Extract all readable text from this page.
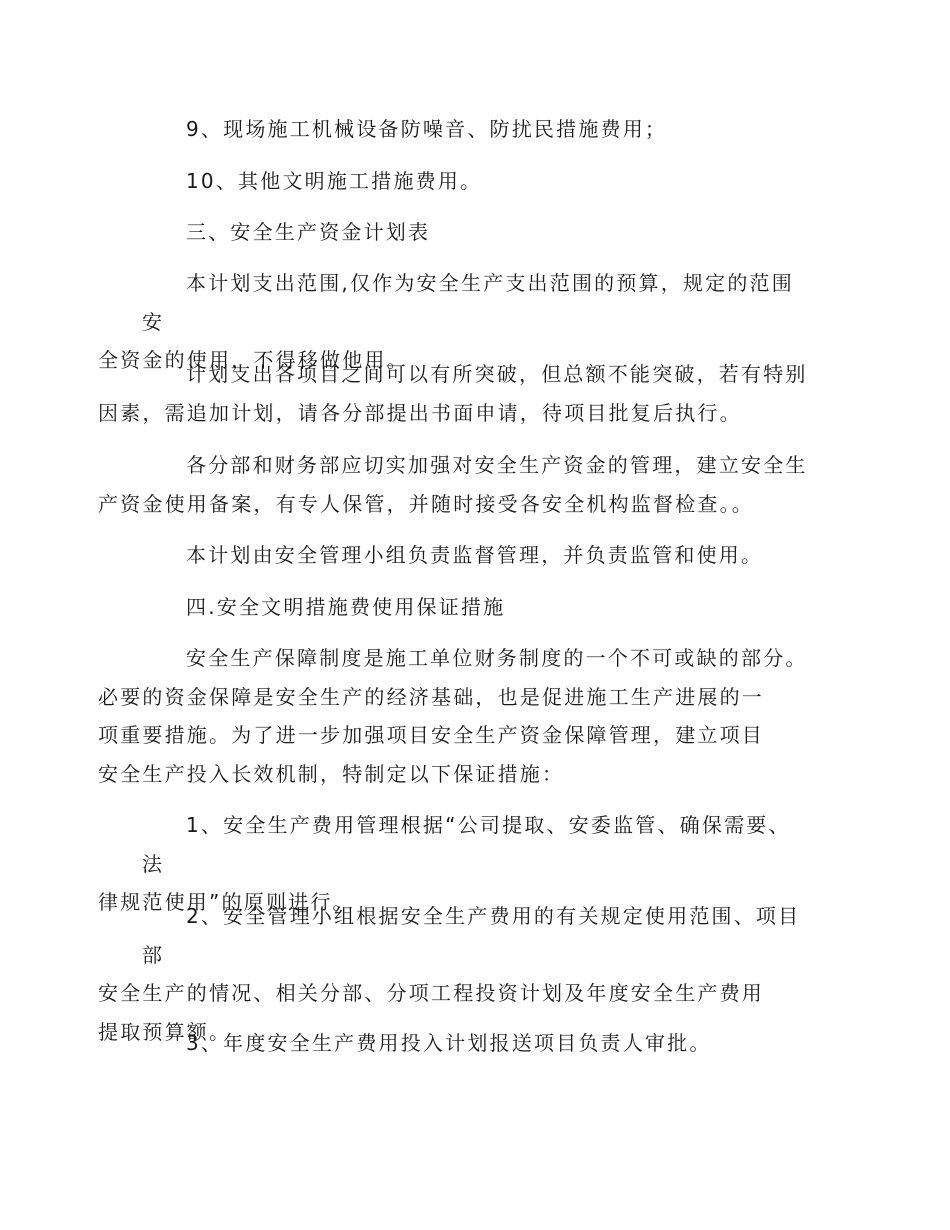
9、现场施工机械设备防噪音、防扰民措施费用；

10、其他文明施工措施费用。

三、安全生产资金计划表

本计划支出范围,仅作为安全生产支出范围的预算，规定的范围安
全资金的使用，不得移做他用。

计划支出各项目之间可以有所突破，但总额不能突破，若有特别
因素，需追加计划，请各分部提出书面申请，待项目批复后执行。

各分部和财务部应切实加强对安全生产资金的管理，建立安全生
产资金使用备案，有专人保管，并随时接受各安全机构监督检查。。

本计划由安全管理小组负责监督管理，并负责监管和使用。

四.安全文明措施费使用保证措施

安全生产保障制度是施工单位财务制度的一个不可或缺的部分。
必要的资金保障是安全生产的经济基础，也是促进施工生产进展的一
项重要措施。为了进一步加强项目安全生产资金保障管理，建立项目
安全生产投入长效机制，特制定以下保证措施：

1、安全生产费用管理根据“公司提取、安委监管、确保需要、法
律规范使用”的原则进行。

2、安全管理小组根据安全生产费用的有关规定使用范围、项目部
安全生产的情况、相关分部、分项工程投资计划及年度安全生产费用
提取预算额。

3、年度安全生产费用投入计划报送项目负责人审批。
